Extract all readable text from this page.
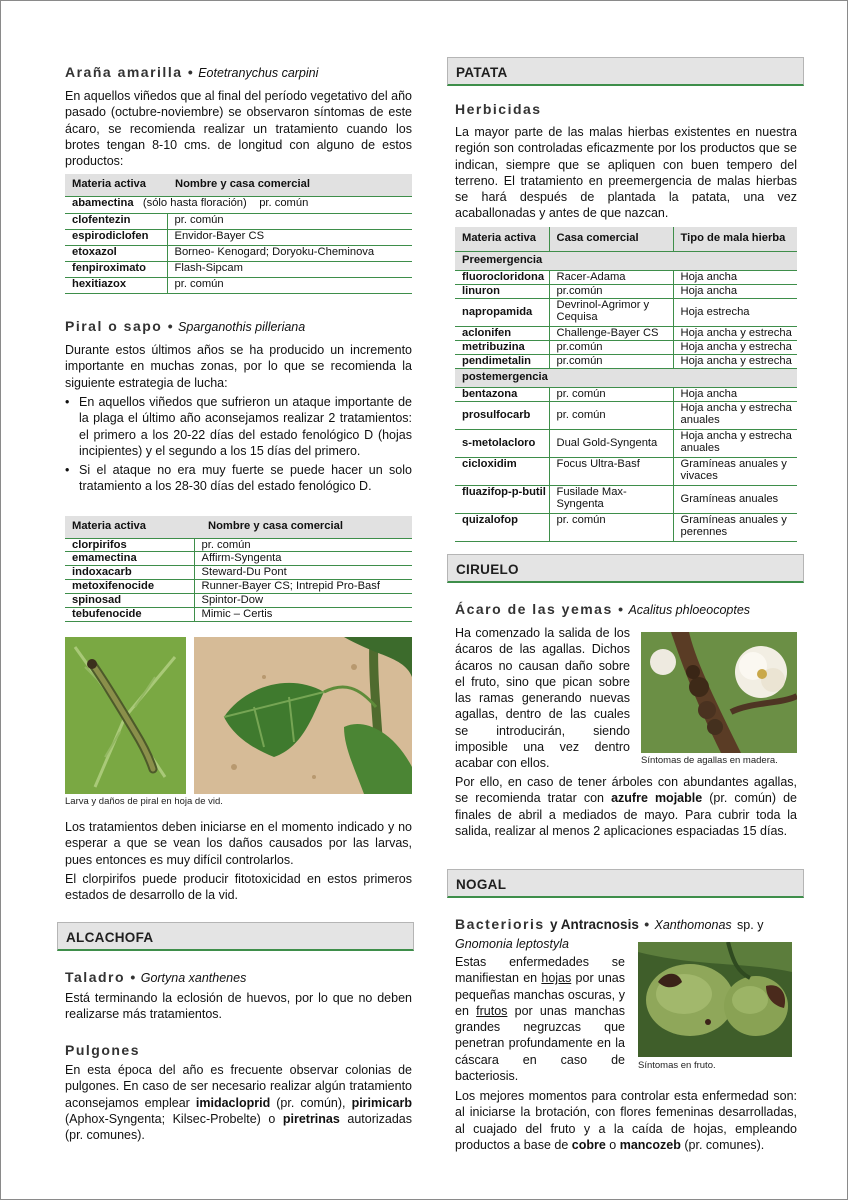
Araña amarilla • Eotetranychus carpini

En aquellos viñedos que al final del período vegetativo del año pasado (octubre-noviembre) se observaron síntomas de este ácaro, se recomienda realizar un tratamiento cuando los brotes tengan 8-10 cms. de longitud con alguno de estos productos:

Materia activa	Nombre y casa comercial
abamectina (sólo hasta floración) pr. común	
clofentezin	pr. común
espirodiclofen	Envidor-Bayer CS
etoxazol	Borneo- Kenogard; Doryoku-Cheminova
fenpiroximato	Flash-Sipcam
hexitiazox	pr. común
Piral o sapo • Sparganothis pilleriana

Durante estos últimos años se ha producido un incremento importante en muchas zonas, por lo que se recomienda la siguiente estrategia de lucha:

• En aquellos viñedos que sufrieron un ataque importante de la plaga el último año aconsejamos realizar 2 tratamientos: el primero a los 20-22 días del estado fenológico D (hojas incipientes) y el segundo a los 15 días del primero.
• Si el ataque no era muy fuerte se puede hacer un solo tratamiento a los 28-30 días del estado fenológico D.
Materia activa	Nombre y casa comercial
clorpirifos	pr. común
emamectina	Affirm-Syngenta
indoxacarb	Steward-Du Pont
metoxifenocide	Runner-Bayer CS; Intrepid Pro-Basf
spinosad	Spintor-Dow
tebufenocide	Mimic – Certis
Larva y daños de piral en hoja de vid.

Los tratamientos deben iniciarse en el momento indicado y no esperar a que se vean los daños causados por las larvas, pues entonces es muy difícil controlarlos.

El clorpirifos puede producir fitotoxicidad en estos primeros estados de desarrollo de la vid.

ALCACHOFA
Taladro • Gortyna xanthenes

Está terminando la eclosión de huevos, por lo que no deben realizarse más tratamientos.

Pulgones

En esta época del año es frecuente observar colonias de pulgones. En caso de ser necesario realizar algún tratamiento aconsejamos emplear imidacloprid (pr. común), pirimicarb (Aphox-Syngenta; Kilsec-Probelte) o piretrinas autorizadas (pr. comunes).

PATATA
Herbicidas

La mayor parte de las malas hierbas existentes en nuestra región son controladas eficazmente por los productos que se indican, siempre que se apliquen con buen tempero del terreno. El tratamiento en preemergencia de malas hierbas se hará después de plantada la patata, una vez acaballonadas y antes de que nazcan.

Materia activa	Casa comercial	Tipo de mala hierba
Preemergencia		
fluorocloridona	Racer-Adama	Hoja ancha
linuron	pr.común	Hoja ancha
napropamida	Devrinol-Agrimor y Cequisa	Hoja estrecha
aclonifen	Challenge-Bayer CS	Hoja ancha y estrecha
metribuzina	pr.común	Hoja ancha y estrecha
pendimetalin	pr.común	Hoja ancha y estrecha
postemergencia		
bentazona	pr. común	Hoja ancha
prosulfocarb	pr. común	Hoja ancha y estrecha anuales
s-metolacloro	Dual Gold-Syngenta	Hoja ancha y estrecha anuales
cicloxidim	Focus Ultra-Basf	Gramíneas anuales y vivaces
fluazifop-p-butil	Fusilade Max-Syngenta	Gramíneas anuales
quizalofop	pr. común	Gramíneas anuales y perennes
CIRUELO
Ácaro de las yemas • Acalitus phloeocoptes

Ha comenzado la salida de los ácaros de las agallas. Dichos ácaros no causan daño sobre el fruto, sino que pican sobre las ramas generando nuevas agallas, dentro de las cuales se introducirán, siendo imposible una vez dentro acabar con ellos.	Síntomas de agallas en madera.

Por ello, en caso de tener árboles con abundantes agallas, se recomienda tratar con azufre mojable (pr. común) de finales de abril a mediados de mayo. Para cubrir toda la salida, realizar al menos 2 aplicaciones espaciadas 15 días.

NOGAL
Bacterioris y Antracnosis • Xanthomonas sp. y Gnomonia leptostyla

Estas enfermedades se manifiestan en hojas por unas pequeñas manchas oscuras, y en frutos por unas manchas grandes negruzcas que penetran profundamente en la cáscara en caso de bacteriosis.

Síntomas en fruto.

Los mejores momentos para controlar esta enfermedad son: al iniciarse la brotación, con flores femeninas desarrolladas, al cuajado del fruto y a la caída de hojas, empleando productos a base de cobre o mancozeb (pr. comunes).
